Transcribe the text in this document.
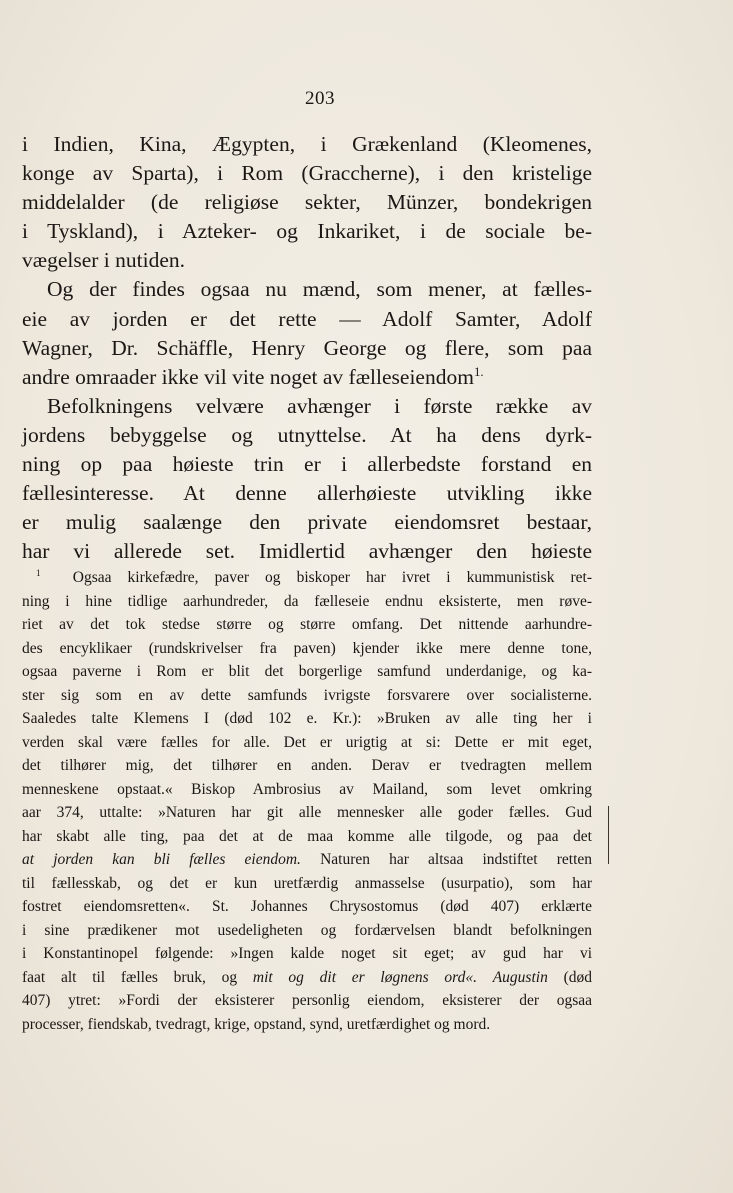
203
i Indien, Kina, Ægypten, i Grækenland (Kleomenes,
konge av Sparta), i Rom (Graccherne), i den kristelige
middelalder (de religiøse sekter, Münzer, bondekrigen
i Tyskland), i Azteker- og Inkariket, i de sociale be-
vægelser i nutiden.
Og der findes ogsaa nu mænd, som mener, at fælles-
eie av jorden er det rette — Adolf Samter, Adolf
Wagner, Dr. Schäffle, Henry George og flere, som paa
andre omraader ikke vil vite noget av fælleseiendom$^{1.}$
Befolkningens velvære avhænger i første række av
jordens bebyggelse og utnyttelse. At ha dens dyrk-
ning op paa høieste trin er i allerbedste forstand en
fællesinteresse. At denne allerhøieste utvikling ikke
er mulig saalænge den private eiendomsret bestaar,
har vi allerede set. Imidlertid avhænger den høieste
$^1$ Ogsaa kirkefædre, paver og biskoper har ivret i kummunistisk ret-
ning i hine tidlige aarhundreder, da fælleseie endnu eksisterte, men røve-
riet av det tok stedse større og større omfang. Det nittende aarhundre-
des encyklikaer (rundskrivelser fra paven) kjender ikke mere denne tone,
ogsaa paverne i Rom er blit det borgerlige samfund underdanige, og ka-
ster sig som en av dette samfunds ivrigste forsvarere over socialisterne.
Saaledes talte Klemens I (død 102 e. Kr.): »Bruken av alle ting her i
verden skal være fælles for alle. Det er urigtig at si: Dette er mit eget,
det tilhører mig, det tilhører en anden. Derav er tvedragten mellem
menneskene opstaat.« Biskop Ambrosius av Mailand, som levet omkring
aar 374, uttalte: »Naturen har git alle mennesker alle goder fælles. Gud
har skabt alle ting, paa det at de maa komme alle tilgode, og paa det
at jorden kan bli fælles eiendom. Naturen har altsaa indstiftet retten
til fællesskab, og det er kun uretfærdig anmasselse (usurpatio), som har
fostret eiendomsretten«. St. Johannes Chrysostomus (død 407) erklærte
i sine prædikener mot usedeligheten og fordærvelsen blandt befolkningen
i Konstantinopel følgende: »Ingen kalde noget sit eget; av gud har vi
faat alt til fælles bruk, og mit og dit er løgnens ord«. Augustin (død
407) ytret: »Fordi der eksisterer personlig eiendom, eksisterer der ogsaa
processer, fiendskab, tvedragt, krige, opstand, synd, uretfærdighet og mord.
